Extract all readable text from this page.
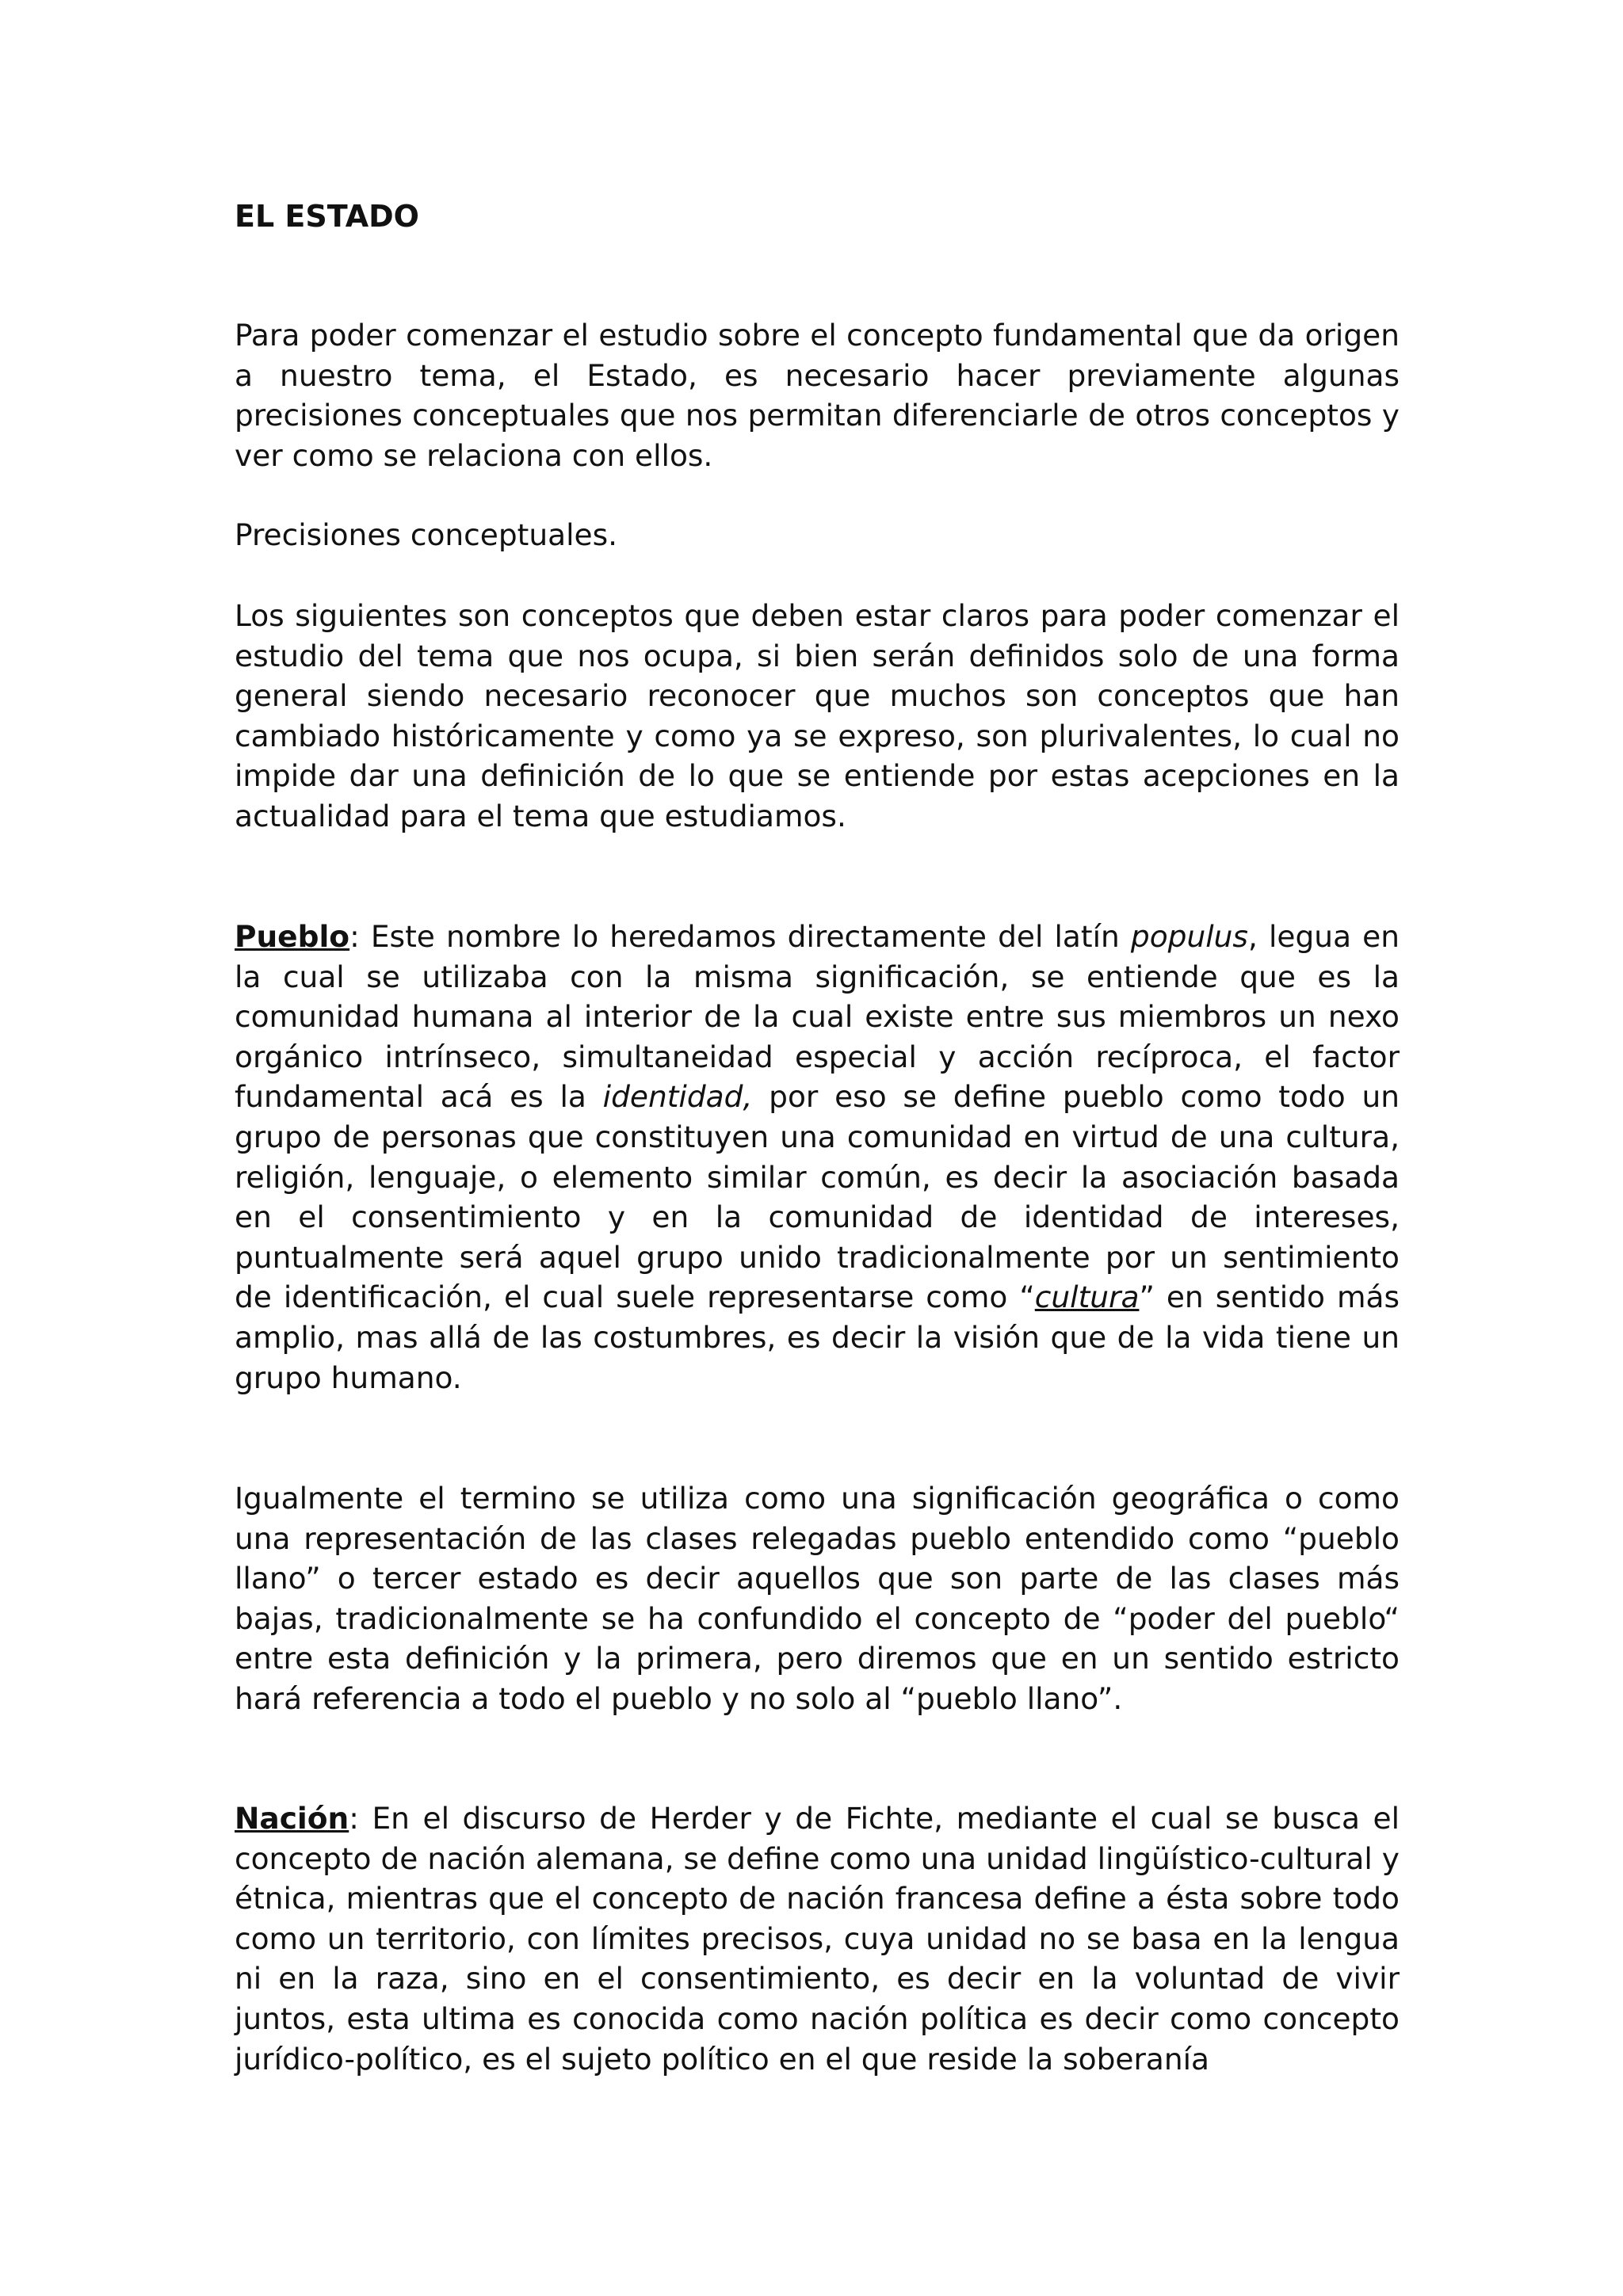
EL ESTADO

Para poder comenzar el estudio sobre el concepto fundamental que da origen a nuestro tema, el Estado, es necesario hacer previamente algunas precisiones conceptuales que nos permitan diferenciarle de otros conceptos y ver como se relaciona con ellos.

Precisiones conceptuales.

Los siguientes son conceptos que deben estar claros para poder comenzar el estudio del tema que nos ocupa, si bien serán definidos solo de una forma general siendo necesario reconocer que muchos son conceptos que han cambiado históricamente y como ya se expreso, son plurivalentes, lo cual no impide dar una definición de lo que se entiende por estas acepciones en la actualidad para el tema que estudiamos.

Pueblo: Este nombre lo heredamos directamente del latín populus, legua en la cual se utilizaba con la misma significación, se entiende que es la comunidad humana al interior de la cual existe entre sus miembros un nexo orgánico intrínseco, simultaneidad especial y acción recíproca, el factor fundamental acá es la identidad, por eso se define pueblo como todo un grupo de personas que constituyen una comunidad en virtud de una cultura, religión, lenguaje, o elemento similar común, es decir la asociación basada en el consentimiento y en la comunidad de identidad de intereses, puntualmente será aquel grupo unido tradicionalmente por un sentimiento de identificación, el cual suele representarse como “cultura” en sentido más amplio, mas allá de las costumbres, es decir la visión que de la vida tiene un grupo humano.

Igualmente el termino se utiliza como una significación geográfica o como una representación de las clases relegadas pueblo entendido como “pueblo llano” o tercer estado es decir aquellos que son parte de las clases más bajas, tradicionalmente se ha confundido el concepto de “poder del pueblo“ entre esta definición y la primera, pero diremos que en un sentido estricto hará referencia a todo el pueblo y no solo al “pueblo llano”.

Nación: En el discurso de Herder y de Fichte, mediante el cual se busca el concepto de nación alemana, se define como una unidad lingüístico-cultural y étnica, mientras que el concepto de nación francesa define a ésta sobre todo como un territorio, con límites precisos, cuya unidad no se basa en la lengua ni en la raza, sino en el consentimiento, es decir en la voluntad de vivir juntos, esta ultima es conocida como nación política es decir como concepto jurídico-político, es el sujeto político en el que reside la soberanía
